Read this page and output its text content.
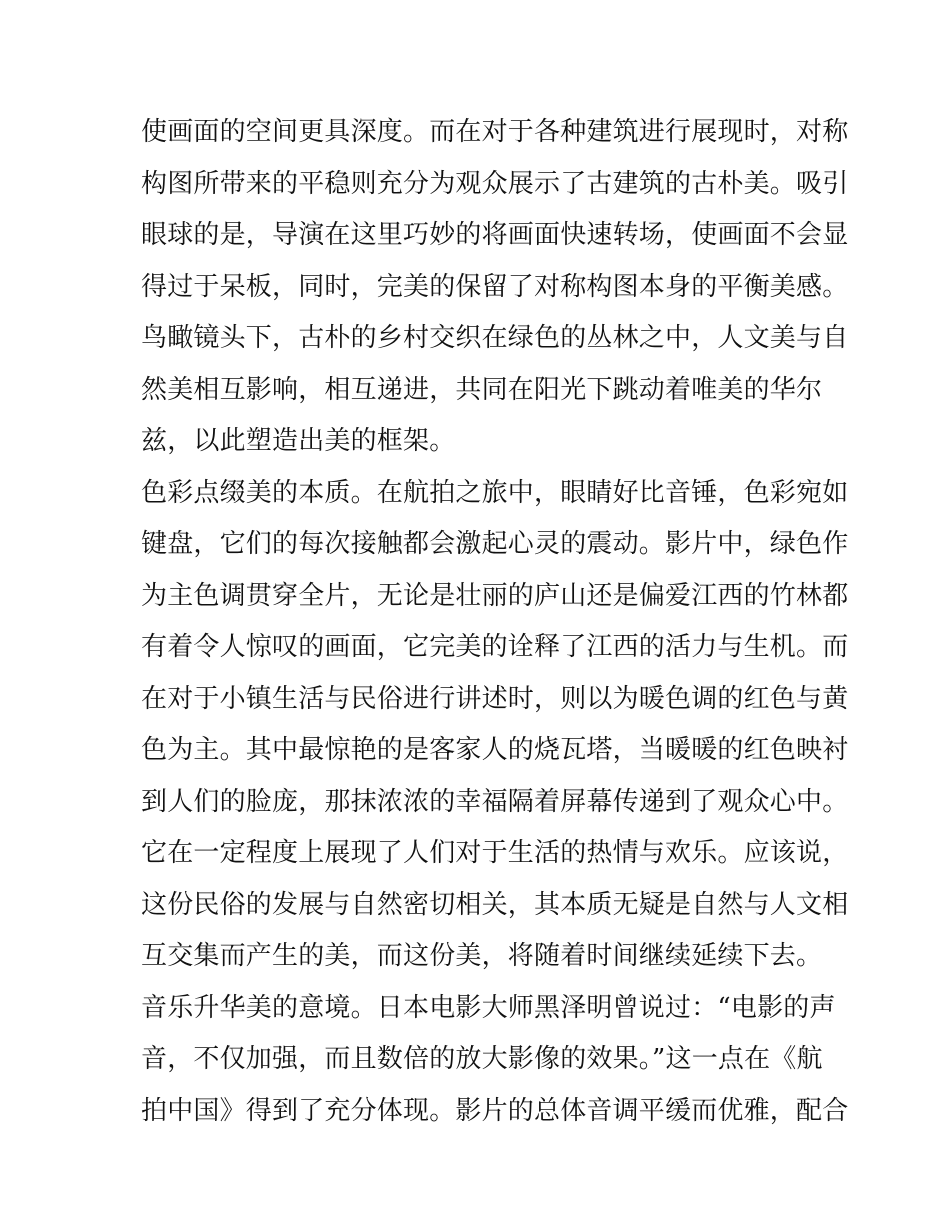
使画面的空间更具深度。而在对于各种建筑进行展现时，对称
构图所带来的平稳则充分为观众展示了古建筑的古朴美。吸引
眼球的是，导演在这里巧妙的将画面快速转场，使画面不会显
得过于呆板，同时，完美的保留了对称构图本身的平衡美感。
鸟瞰镜头下，古朴的乡村交织在绿色的丛林之中，人文美与自
然美相互影响，相互递进，共同在阳光下跳动着唯美的华尔
兹，以此塑造出美的框架。
色彩点缀美的本质。在航拍之旅中，眼睛好比音锤，色彩宛如
键盘，它们的每次接触都会激起心灵的震动。影片中，绿色作
为主色调贯穿全片，无论是壮丽的庐山还是偏爱江西的竹林都
有着令人惊叹的画面，它完美的诠释了江西的活力与生机。而
在对于小镇生活与民俗进行讲述时，则以为暖色调的红色与黄
色为主。其中最惊艳的是客家人的烧瓦塔，当暖暖的红色映衬
到人们的脸庞，那抹浓浓的幸福隔着屏幕传递到了观众心中。
它在一定程度上展现了人们对于生活的热情与欢乐。应该说，
这份民俗的发展与自然密切相关，其本质无疑是自然与人文相
互交集而产生的美，而这份美，将随着时间继续延续下去。
音乐升华美的意境。日本电影大师黑泽明曾说过：“电影的声
音，不仅加强，而且数倍的放大影像的效果。”这一点在《航
拍中国》得到了充分体现。影片的总体音调平缓而优雅，配合
